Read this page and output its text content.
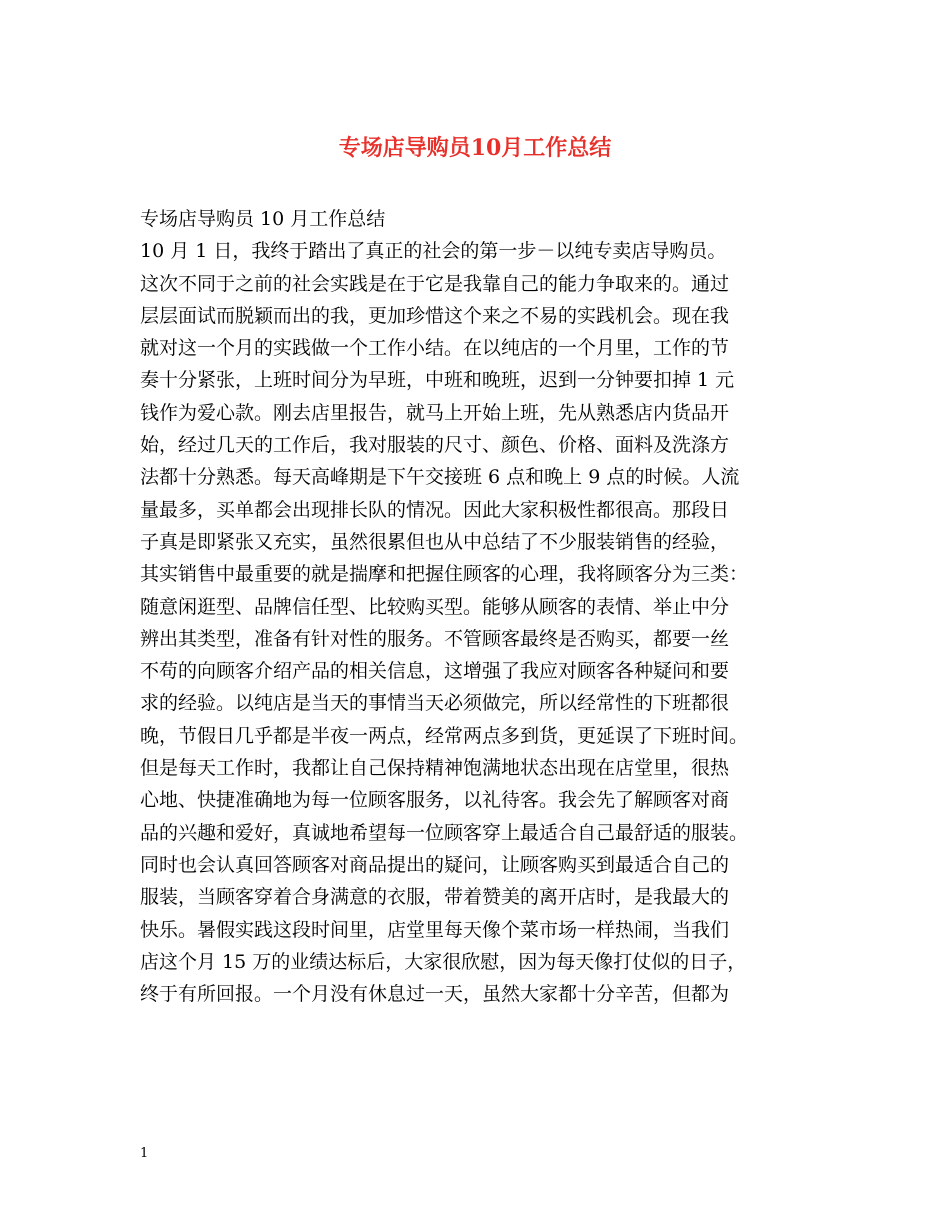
专场店导购员10月工作总结
专场店导购员 10 月工作总结
10 月 1 日，我终于踏出了真正的社会的第一步－以纯专卖店导购员。
这次不同于之前的社会实践是在于它是我靠自己的能力争取来的。通过
层层面试而脱颖而出的我，更加珍惜这个来之不易的实践机会。现在我
就对这一个月的实践做一个工作小结。在以纯店的一个月里，工作的节
奏十分紧张，上班时间分为早班，中班和晚班，迟到一分钟要扣掉 1 元
钱作为爱心款。刚去店里报告，就马上开始上班，先从熟悉店内货品开
始，经过几天的工作后，我对服装的尺寸、颜色、价格、面料及洗涤方
法都十分熟悉。每天高峰期是下午交接班 6 点和晚上 9 点的时候。人流
量最多，买单都会出现排长队的情况。因此大家积极性都很高。那段日
子真是即紧张又充实，虽然很累但也从中总结了不少服装销售的经验，
其实销售中最重要的就是揣摩和把握住顾客的心理，我将顾客分为三类：
随意闲逛型、品牌信任型、比较购买型。能够从顾客的表情、举止中分
辨出其类型，准备有针对性的服务。不管顾客最终是否购买，都要一丝
不苟的向顾客介绍产品的相关信息，这增强了我应对顾客各种疑问和要
求的经验。以纯店是当天的事情当天必须做完，所以经常性的下班都很
晚，节假日几乎都是半夜一两点，经常两点多到货，更延误了下班时间。
但是每天工作时，我都让自己保持精神饱满地状态出现在店堂里，很热
心地、快捷准确地为每一位顾客服务，以礼待客。我会先了解顾客对商
品的兴趣和爱好，真诚地希望每一位顾客穿上最适合自己最舒适的服装。
同时也会认真回答顾客对商品提出的疑问，让顾客购买到最适合自己的
服装，当顾客穿着合身满意的衣服，带着赞美的离开店时，是我最大的
快乐。暑假实践这段时间里，店堂里每天像个菜市场一样热闹，当我们
店这个月 15 万的业绩达标后，大家很欣慰，因为每天像打仗似的日子，
终于有所回报。一个月没有休息过一天，虽然大家都十分辛苦，但都为
1
